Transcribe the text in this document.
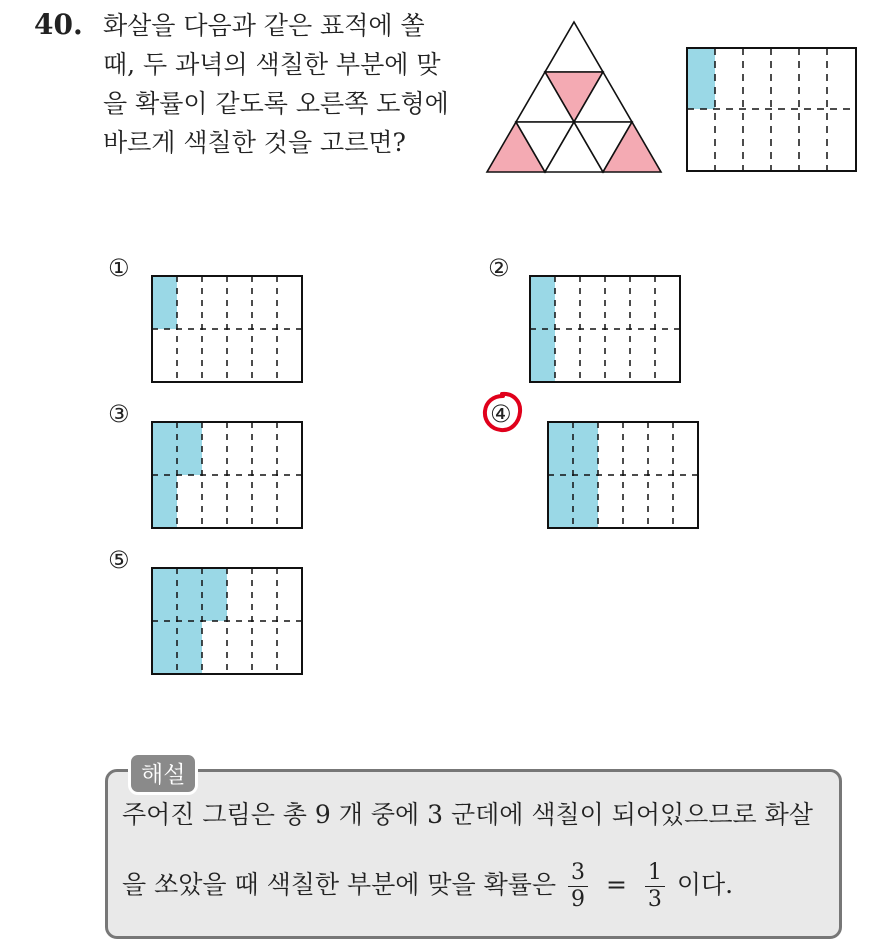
40. 화살을 다음과 같은 표적에 쏠
때, 두 과녁의 색칠한 부분에 맞
을 확률이 같도록 오른쪽 도형에
바르게 색칠한 것을 고르면?
①	②
③	④
⑤
해설
주어진 그림은 총 9 개 중에 3 군데에 색칠이 되어있으므로 화살
을 쏘았을 때 색칠한 부분에 맞을 확률은 $\frac{3}{9} = \frac{1}{3}$ 이다.
